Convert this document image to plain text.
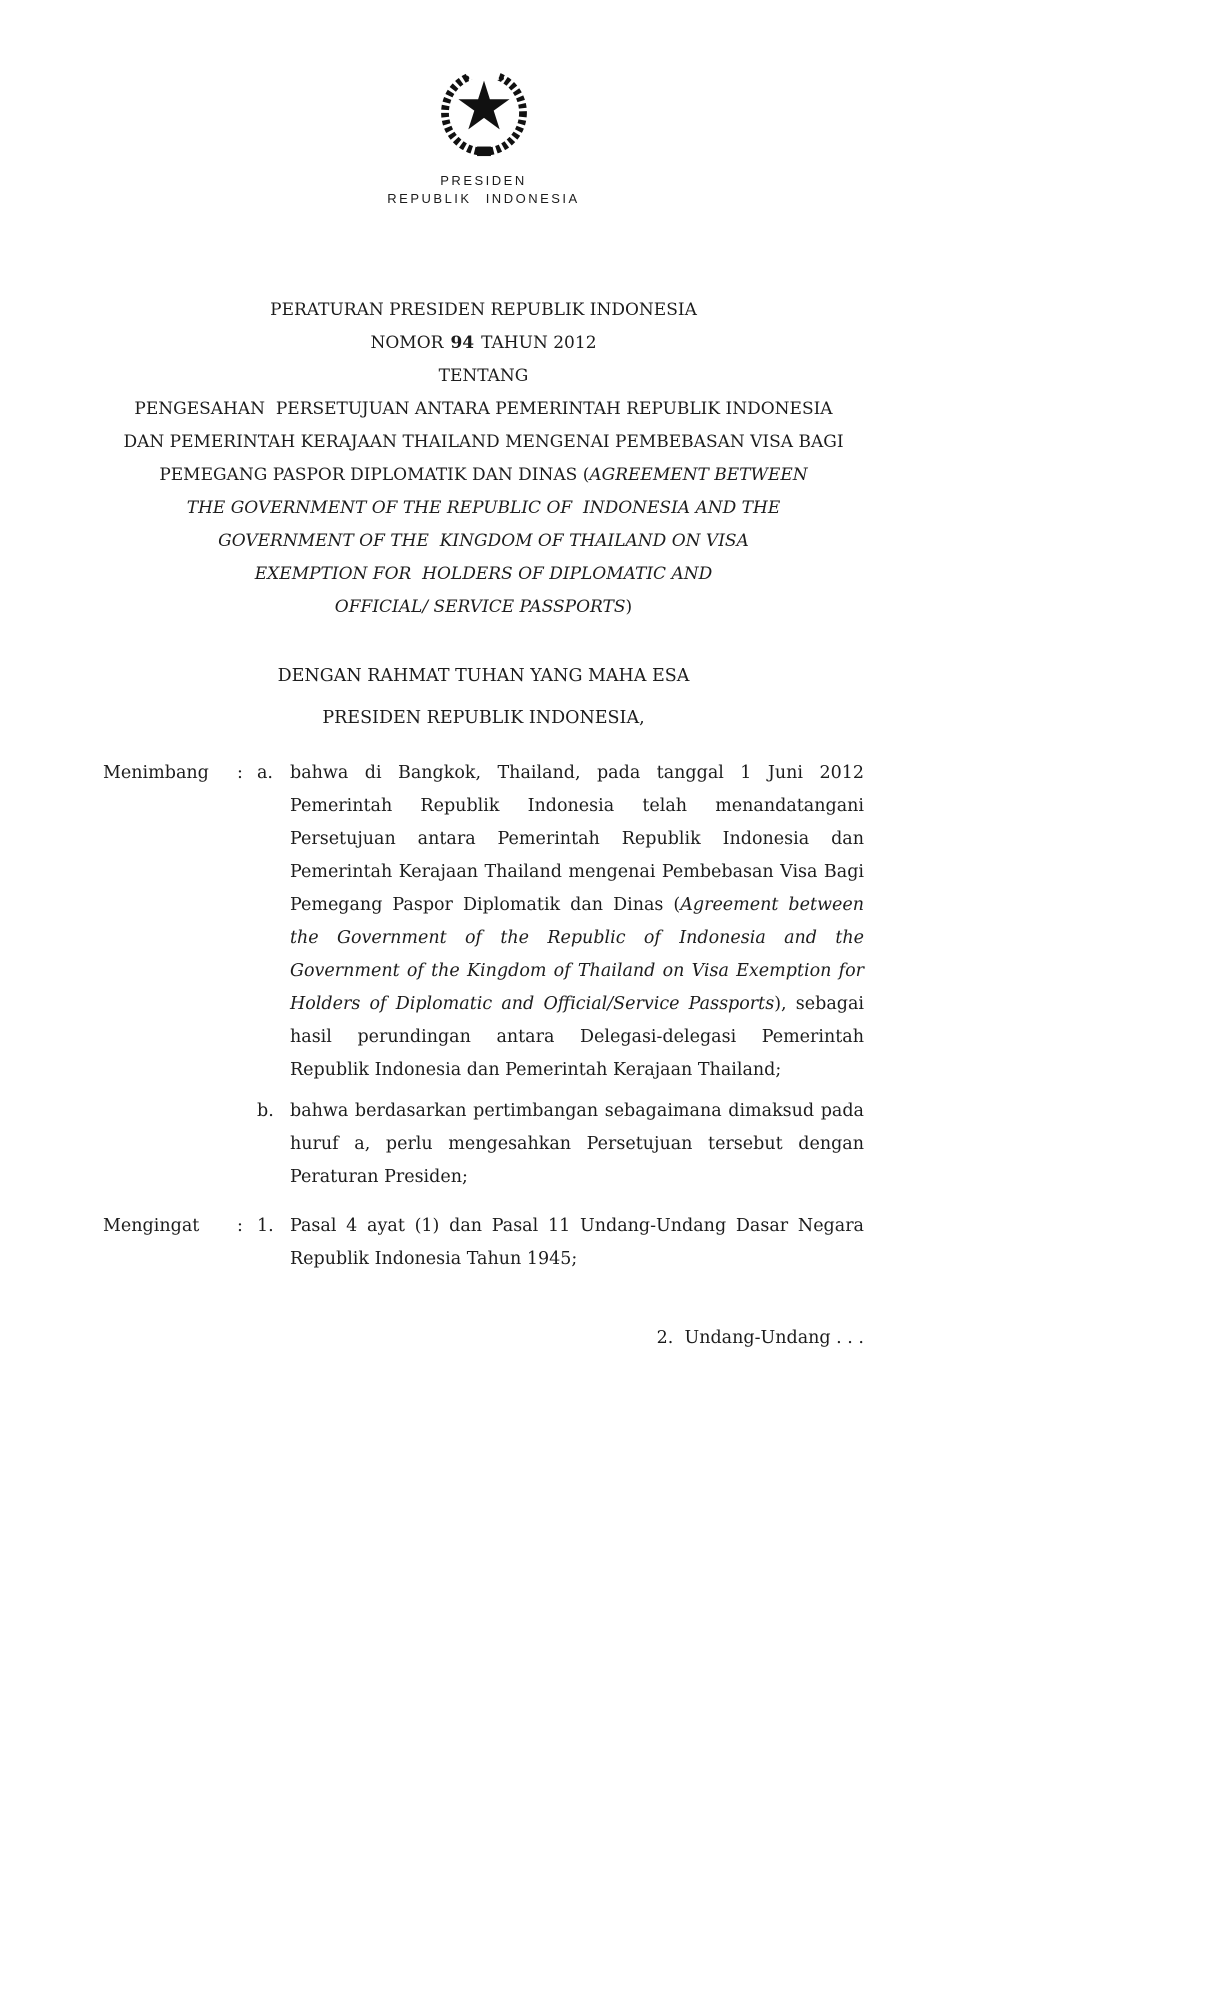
PRESIDEN
REPUBLIK INDONESIA
PERATURAN PRESIDEN REPUBLIK INDONESIA
NOMOR 94 TAHUN 2012
TENTANG
PENGESAHAN  PERSETUJUAN ANTARA PEMERINTAH REPUBLIK INDONESIA
DAN PEMERINTAH KERAJAAN THAILAND MENGENAI PEMBEBASAN VISA BAGI
PEMEGANG PASPOR DIPLOMATIK DAN DINAS (AGREEMENT BETWEEN
THE GOVERNMENT OF THE REPUBLIC OF  INDONESIA AND THE
GOVERNMENT OF THE  KINGDOM OF THAILAND ON VISA
EXEMPTION FOR  HOLDERS OF DIPLOMATIC AND
OFFICIAL/ SERVICE PASSPORTS)
DENGAN RAHMAT TUHAN YANG MAHA ESA
PRESIDEN REPUBLIK INDONESIA,
Menimbang	: a. bahwa di Bangkok, Thailand, pada tanggal 1 Juni 2012 Pemerintah Republik Indonesia telah menandatangani Persetujuan antara Pemerintah Republik Indonesia dan Pemerintah Kerajaan Thailand mengenai Pembebasan Visa Bagi Pemegang Paspor Diplomatik dan Dinas (Agreement between the Government of the Republic of Indonesia and the Government of the Kingdom of Thailand on Visa Exemption for Holders of Diplomatic and Official/Service Passports), sebagai hasil perundingan antara Delegasi-delegasi Pemerintah Republik Indonesia dan Pemerintah Kerajaan Thailand;
b. bahwa berdasarkan pertimbangan sebagaimana dimaksud pada huruf a, perlu mengesahkan Persetujuan tersebut dengan Peraturan Presiden;
Mengingat	: 1. Pasal 4 ayat (1) dan Pasal 11 Undang-Undang Dasar Negara Republik Indonesia Tahun 1945;
2.  Undang-Undang . . .
